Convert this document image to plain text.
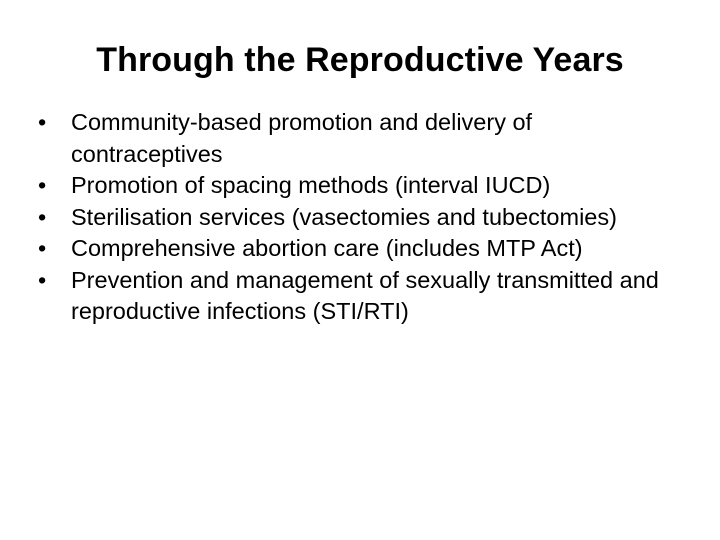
Through the Reproductive Years
•	Community-based promotion and delivery of contraceptives
•	Promotion of spacing methods (interval IUCD)
•	Sterilisation services (vasectomies and tubectomies)
•	Comprehensive abortion care (includes MTP Act)
•	Prevention and management of sexually transmitted and reproductive infections (STI/RTI)
